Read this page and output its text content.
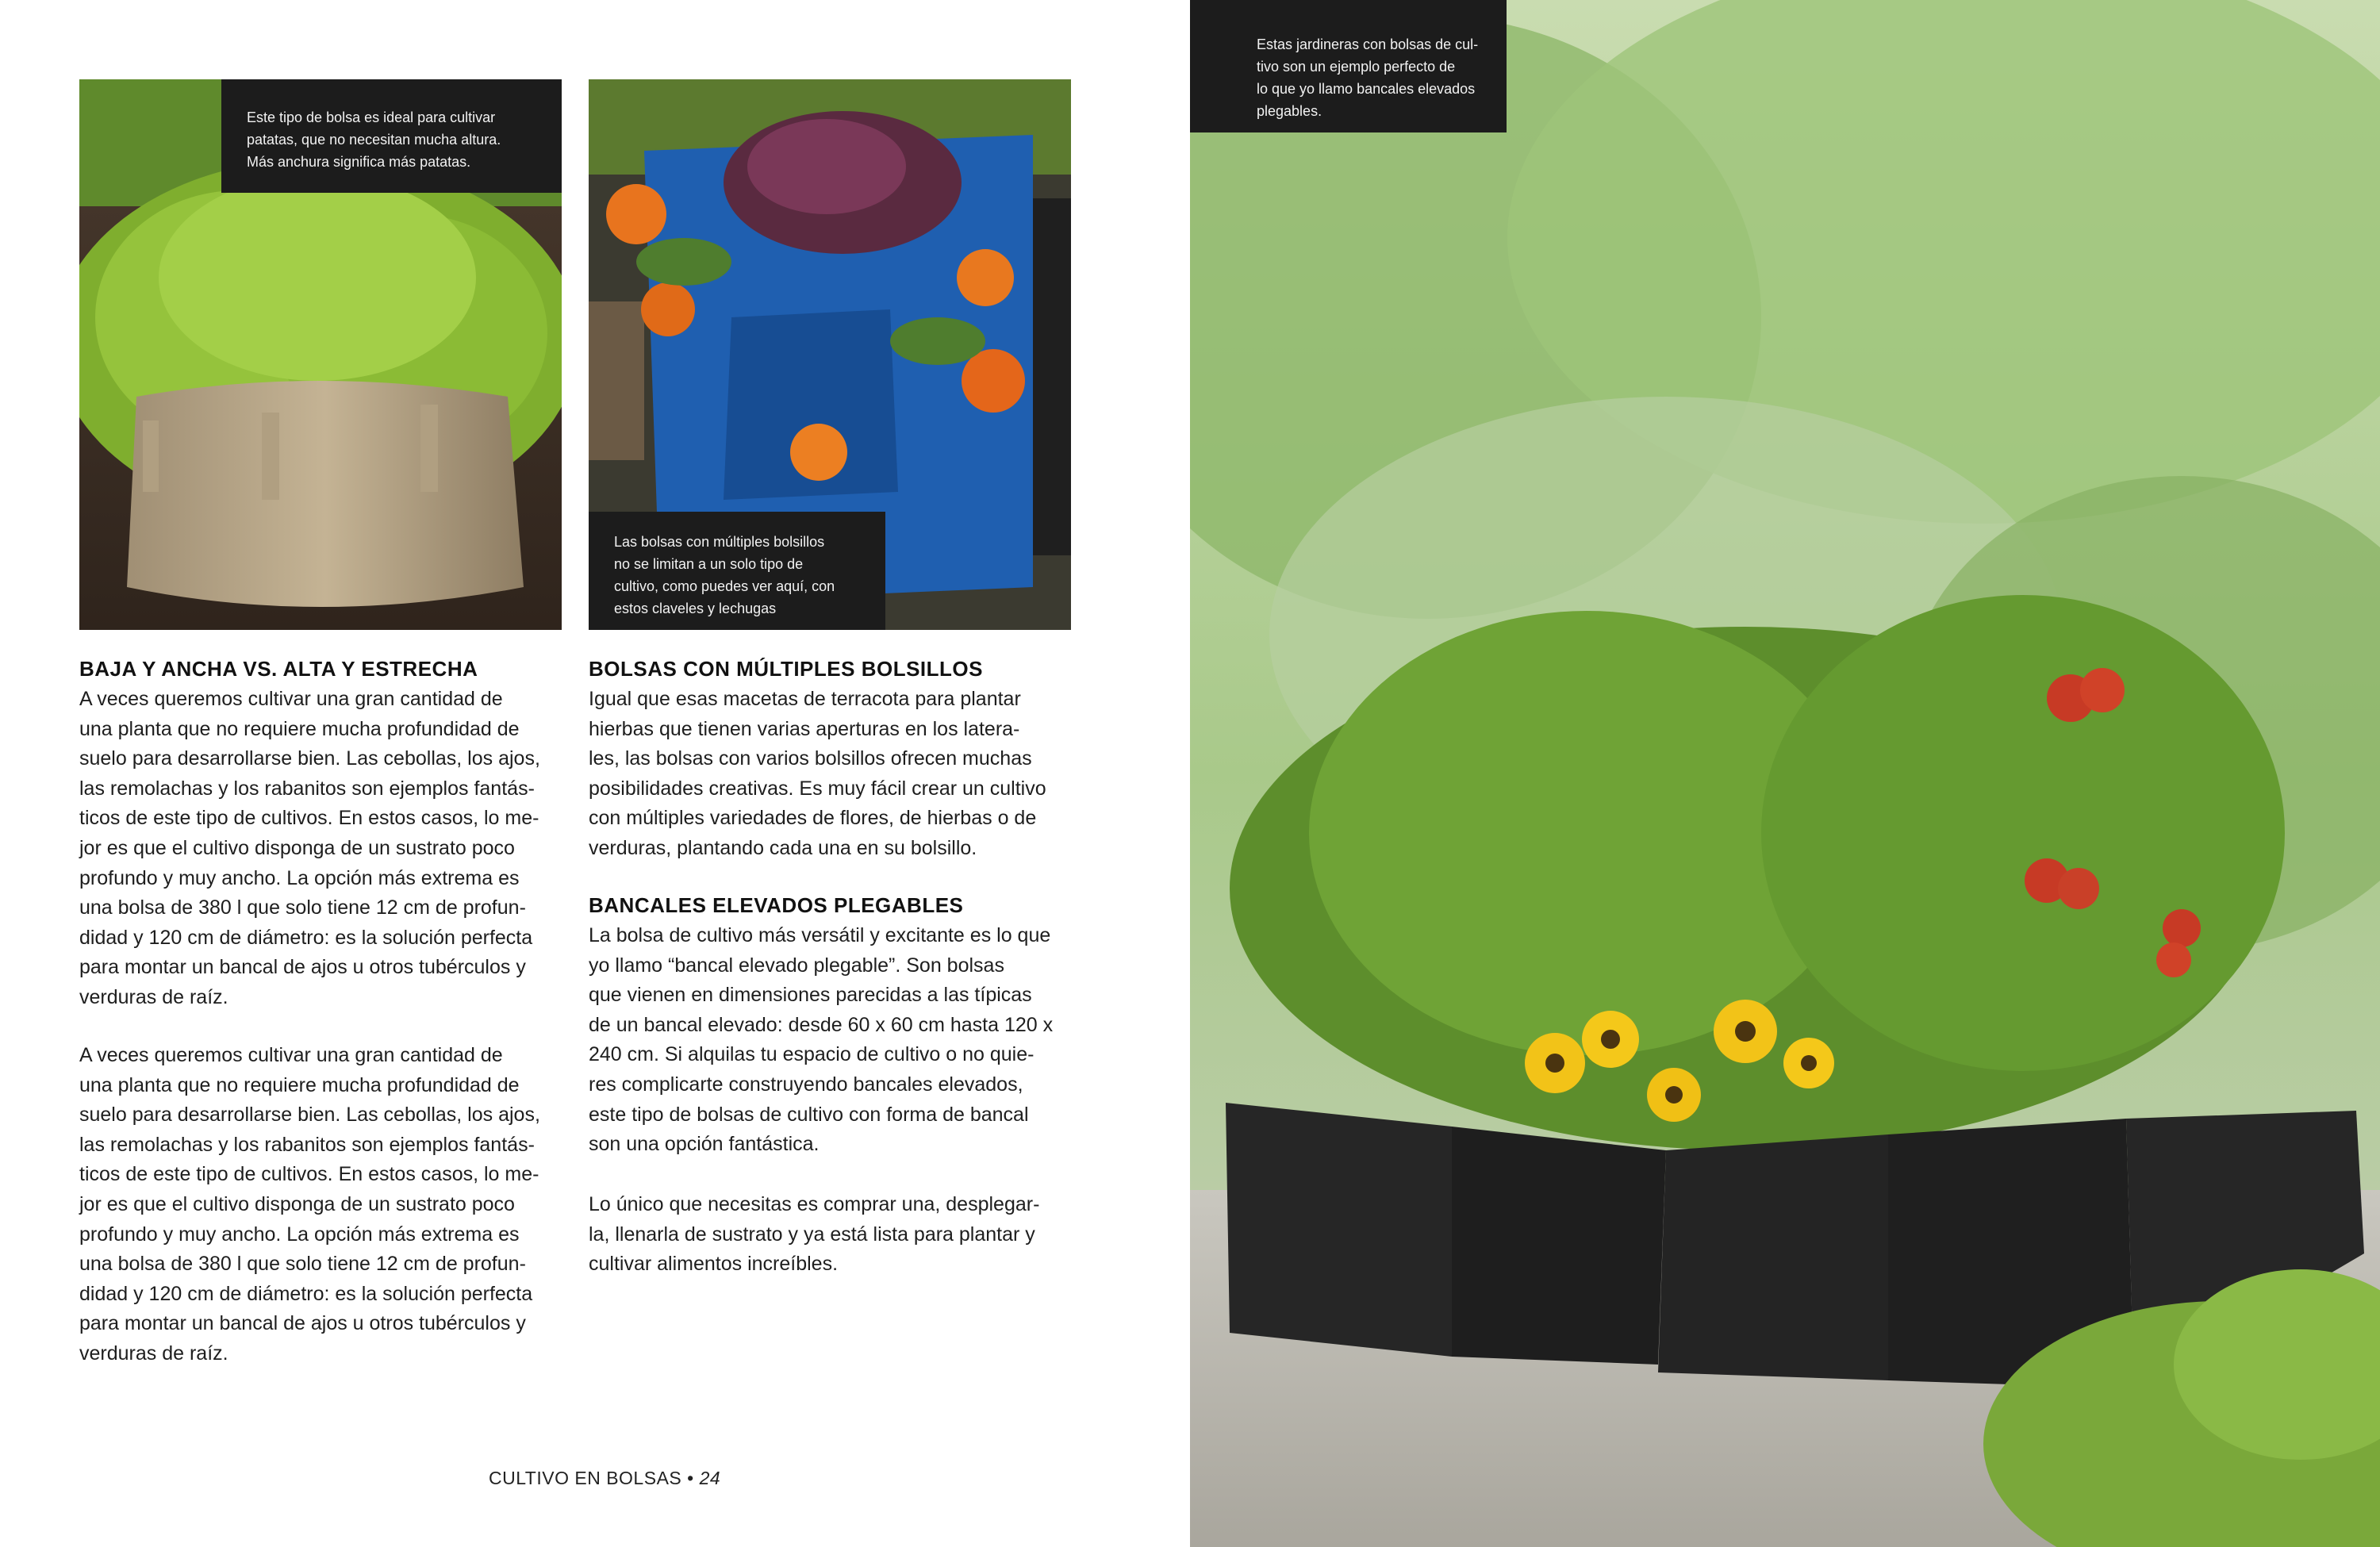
Este tipo de bolsa es ideal para cultivar
patatas, que no necesitan mucha altura.
Más anchura significa más patatas.
Las bolsas con múltiples bolsillos
no se limitan a un solo tipo de
cultivo, como puedes ver aquí, con
estos claveles y lechugas
Estas jardineras con bolsas de cul-
tivo son un ejemplo perfecto de
lo que yo llamo bancales elevados
plegables.
BAJA Y ANCHA VS. ALTA Y ESTRECHA
A veces queremos cultivar una gran cantidad de
una planta que no requiere mucha profundidad de
suelo para desarrollarse bien. Las cebollas, los ajos,
las remolachas y los rabanitos son ejemplos fantás-
ticos de este tipo de cultivos. En estos casos, lo me-
jor es que el cultivo disponga de un sustrato poco
profundo y muy ancho. La opción más extrema es
una bolsa de 380 l que solo tiene 12 cm de profun-
didad y 120 cm de diámetro: es la solución perfecta
para montar un bancal de ajos u otros tubérculos y
verduras de raíz.
A veces queremos cultivar una gran cantidad de
una planta que no requiere mucha profundidad de
suelo para desarrollarse bien. Las cebollas, los ajos,
las remolachas y los rabanitos son ejemplos fantás-
ticos de este tipo de cultivos. En estos casos, lo me-
jor es que el cultivo disponga de un sustrato poco
profundo y muy ancho. La opción más extrema es
una bolsa de 380 l que solo tiene 12 cm de profun-
didad y 120 cm de diámetro: es la solución perfecta
para montar un bancal de ajos u otros tubérculos y
verduras de raíz.
BOLSAS CON MÚLTIPLES BOLSILLOS
Igual que esas macetas de terracota para plantar
hierbas que tienen varias aperturas en los latera-
les, las bolsas con varios bolsillos ofrecen muchas
posibilidades creativas. Es muy fácil crear un cultivo
con múltiples variedades de flores, de hierbas o de
verduras, plantando cada una en su bolsillo.
BANCALES ELEVADOS PLEGABLES
La bolsa de cultivo más versátil y excitante es lo que
yo llamo “bancal elevado plegable”. Son bolsas
que vienen en dimensiones parecidas a las típicas
de un bancal elevado: desde 60 x 60 cm hasta 120 x
240 cm. Si alquilas tu espacio de cultivo o no quie-
res complicarte construyendo bancales elevados,
este tipo de bolsas de cultivo con forma de bancal
son una opción fantástica.
Lo único que necesitas es comprar una, desplegar-
la, llenarla de sustrato y ya está lista para plantar y
cultivar alimentos increíbles.
CULTIVO EN BOLSAS • 24
